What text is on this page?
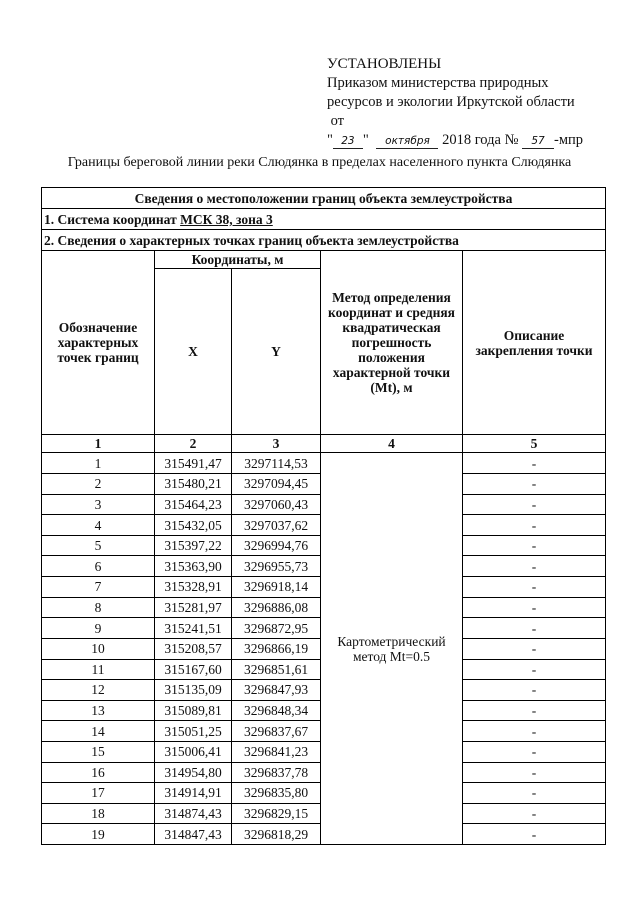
УСТАНОВЛЕНЫ
Приказом министерства природных
ресурсов и экологии Иркутской области
от
" 23 " октября 2018 года № 57 -мпр
Границы береговой линии реки Слюдянка в пределах населенного пункта Слюдянка
Сведения о местоположении границ объекта землеустройства				
1. Система координат МСК 38, зона 3				
2. Сведения о характерных точках границ объекта землеустройства				
Обозначение характерных точек границ	Координаты, м		Метод определения координат и средняя квадратическая погрешность положения характерной точки (Mt), м	Описание закрепления точки
	X	Y		
1	2	3	4	5
1	315491,47	3297114,53	Картометрический метод Mt=0.5	-
2	315480,21	3297094,45		-
3	315464,23	3297060,43		-
4	315432,05	3297037,62		-
5	315397,22	3296994,76		-
6	315363,90	3296955,73		-
7	315328,91	3296918,14		-
8	315281,97	3296886,08		-
9	315241,51	3296872,95		-
10	315208,57	3296866,19		-
11	315167,60	3296851,61		-
12	315135,09	3296847,93		-
13	315089,81	3296848,34		-
14	315051,25	3296837,67		-
15	315006,41	3296841,23		-
16	314954,80	3296837,78		-
17	314914,91	3296835,80		-
18	314874,43	3296829,15		-
19	314847,43	3296818,29		-
